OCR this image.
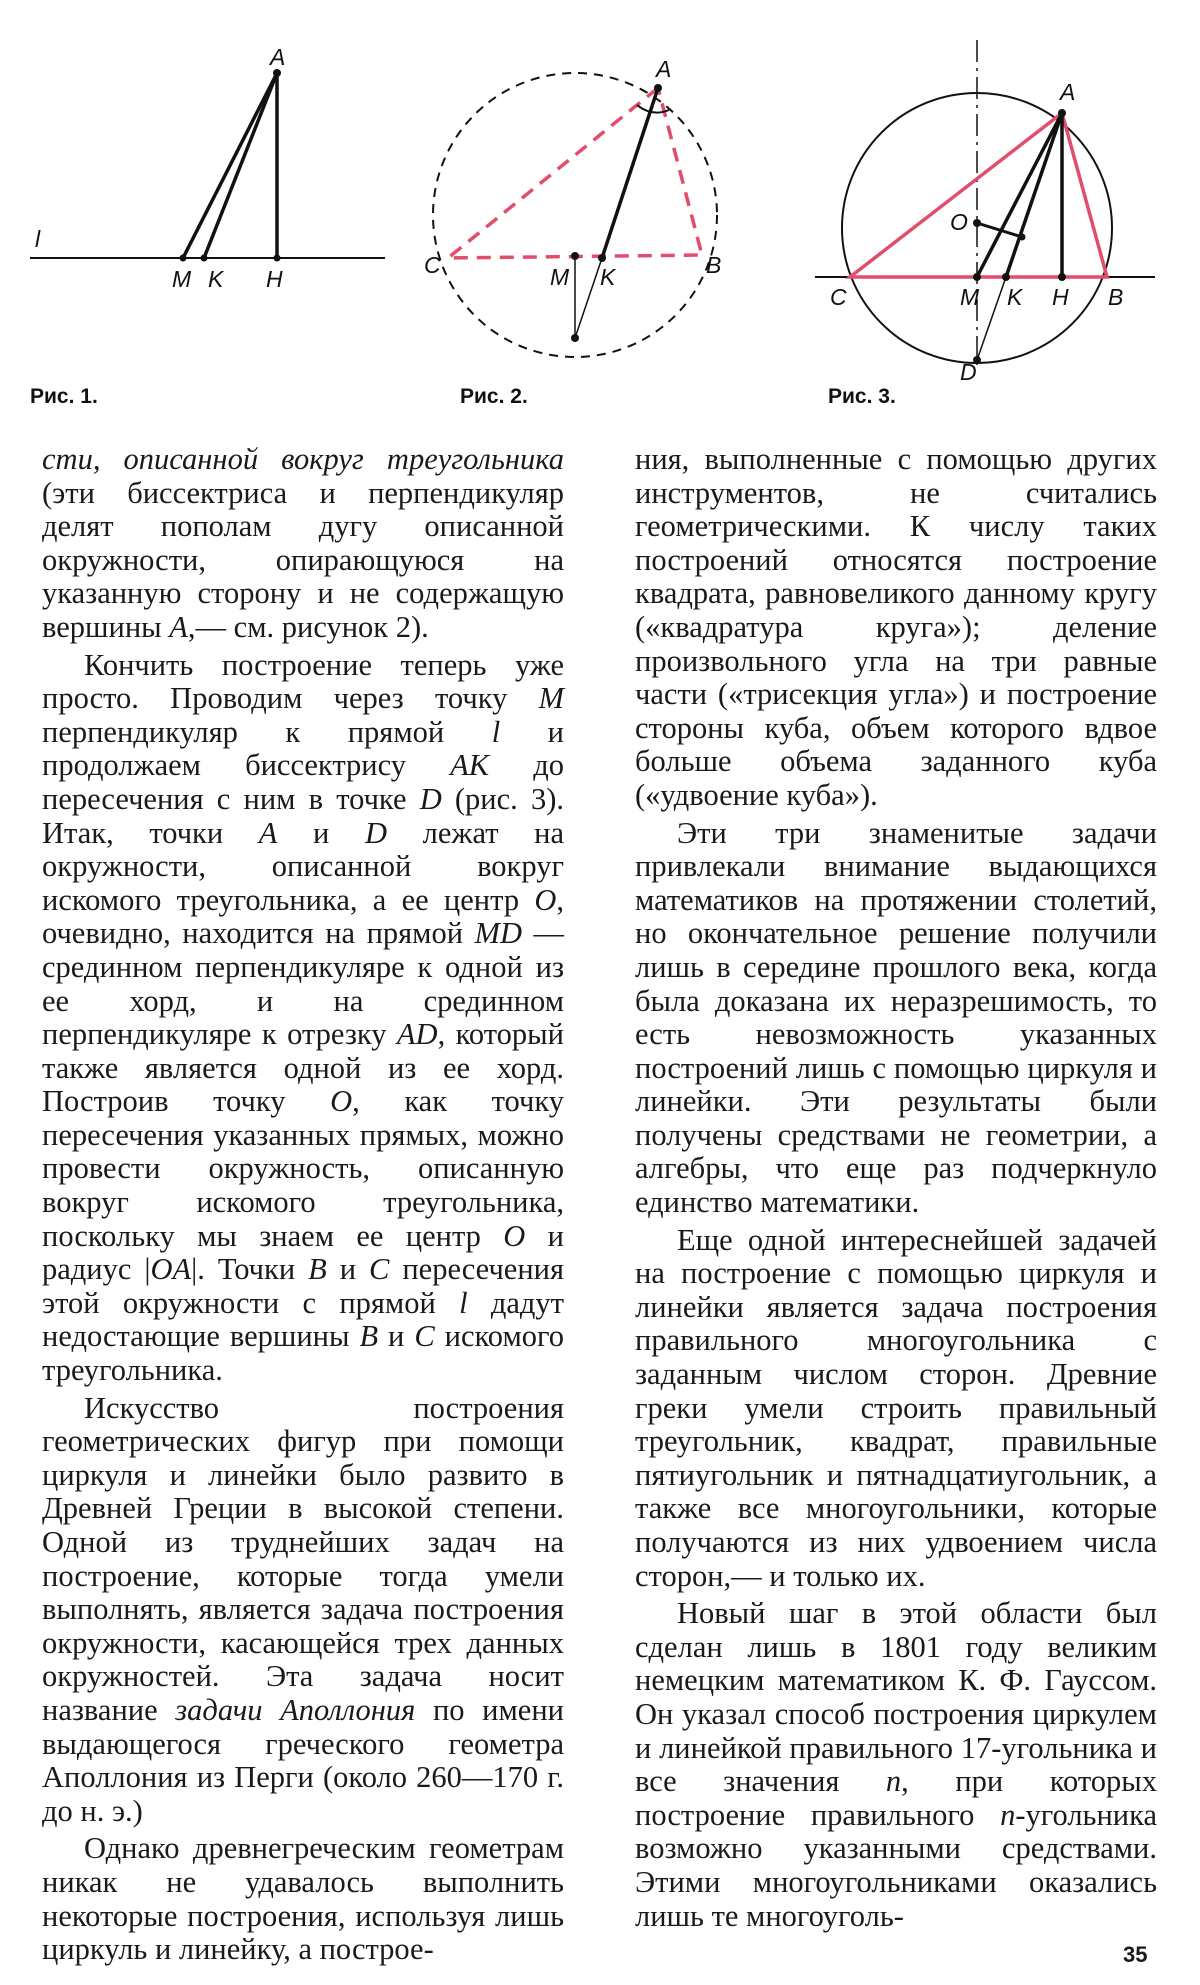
A
l
M K H
Рис. 1.
A
C	M K	B
Рис. 2.
A
O
C	M K H B
D
Рис. 3.

сти, описанной вокруг треугольника (эти биссектриса и перпендикуляр делят пополам дугу описанной окружности, опирающуюся на указанную сторону и не содержащую вершины A,— см. рисунок 2).

Кончить построение теперь уже просто. Проводим через точку M перпендикуляр к прямой l и продолжаем биссектрису AK до пересечения с ним в точке D (рис. 3). Итак, точки A и D лежат на окружности, описанной вокруг искомого треугольника, а ее центр O, очевидно, находится на прямой MD — срединном перпендикуляре к одной из ее хорд, и на срединном перпендикуляре к отрезку AD, который также является одной из ее хорд. Построив точку O, как точку пересечения указанных прямых, можно провести окружность, описанную вокруг искомого треугольника, поскольку мы знаем ее центр O и радиус |OA|. Точки B и C пересечения этой окружности с прямой l дадут недостающие вершины B и C искомого треугольника.

Искусство построения геометрических фигур при помощи циркуля и линейки было развито в Древней Греции в высокой степени. Одной из труднейших задач на построение, которые тогда умели выполнять, является задача построения окружности, касающейся трех данных окружностей. Эта задача носит название задачи Аполлония по имени выдающегося греческого геометра Аполлония из Перги (около 260—170 г. до н. э.)

Однако древнегреческим геометрам никак не удавалось выполнить некоторые построения, используя лишь циркуль и линейку, а построе-

ния, выполненные с помощью других инструментов, не считались геометрическими. К числу таких построений относятся построение квадрата, равновеликого данному кругу («квадратура круга»); деление произвольного угла на три равные части («трисекция угла») и построение стороны куба, объем которого вдвое больше объема заданного куба («удвоение куба»).

Эти три знаменитые задачи привлекали внимание выдающихся математиков на протяжении столетий, но окончательное решение получили лишь в середине прошлого века, когда была доказана их неразрешимость, то есть невозможность указанных построений лишь с помощью циркуля и линейки. Эти результаты были получены средствами не геометрии, а алгебры, что еще раз подчеркнуло единство математики.

Еще одной интереснейшей задачей на построение с помощью циркуля и линейки является задача построения правильного многоугольника с заданным числом сторон. Древние греки умели строить правильный треугольник, квадрат, правильные пятиугольник и пятнадцатиугольник, а также все многоугольники, которые получаются из них удвоением числа сторон,— и только их.

Новый шаг в этой области был сделан лишь в 1801 году великим немецким математиком К. Ф. Гауссом. Он указал способ построения циркулем и линейкой правильного 17-угольника и все значения n, при которых построение правильного n-угольника возможно указанными средствами. Этими многоугольниками оказались лишь те многоуголь-

35
